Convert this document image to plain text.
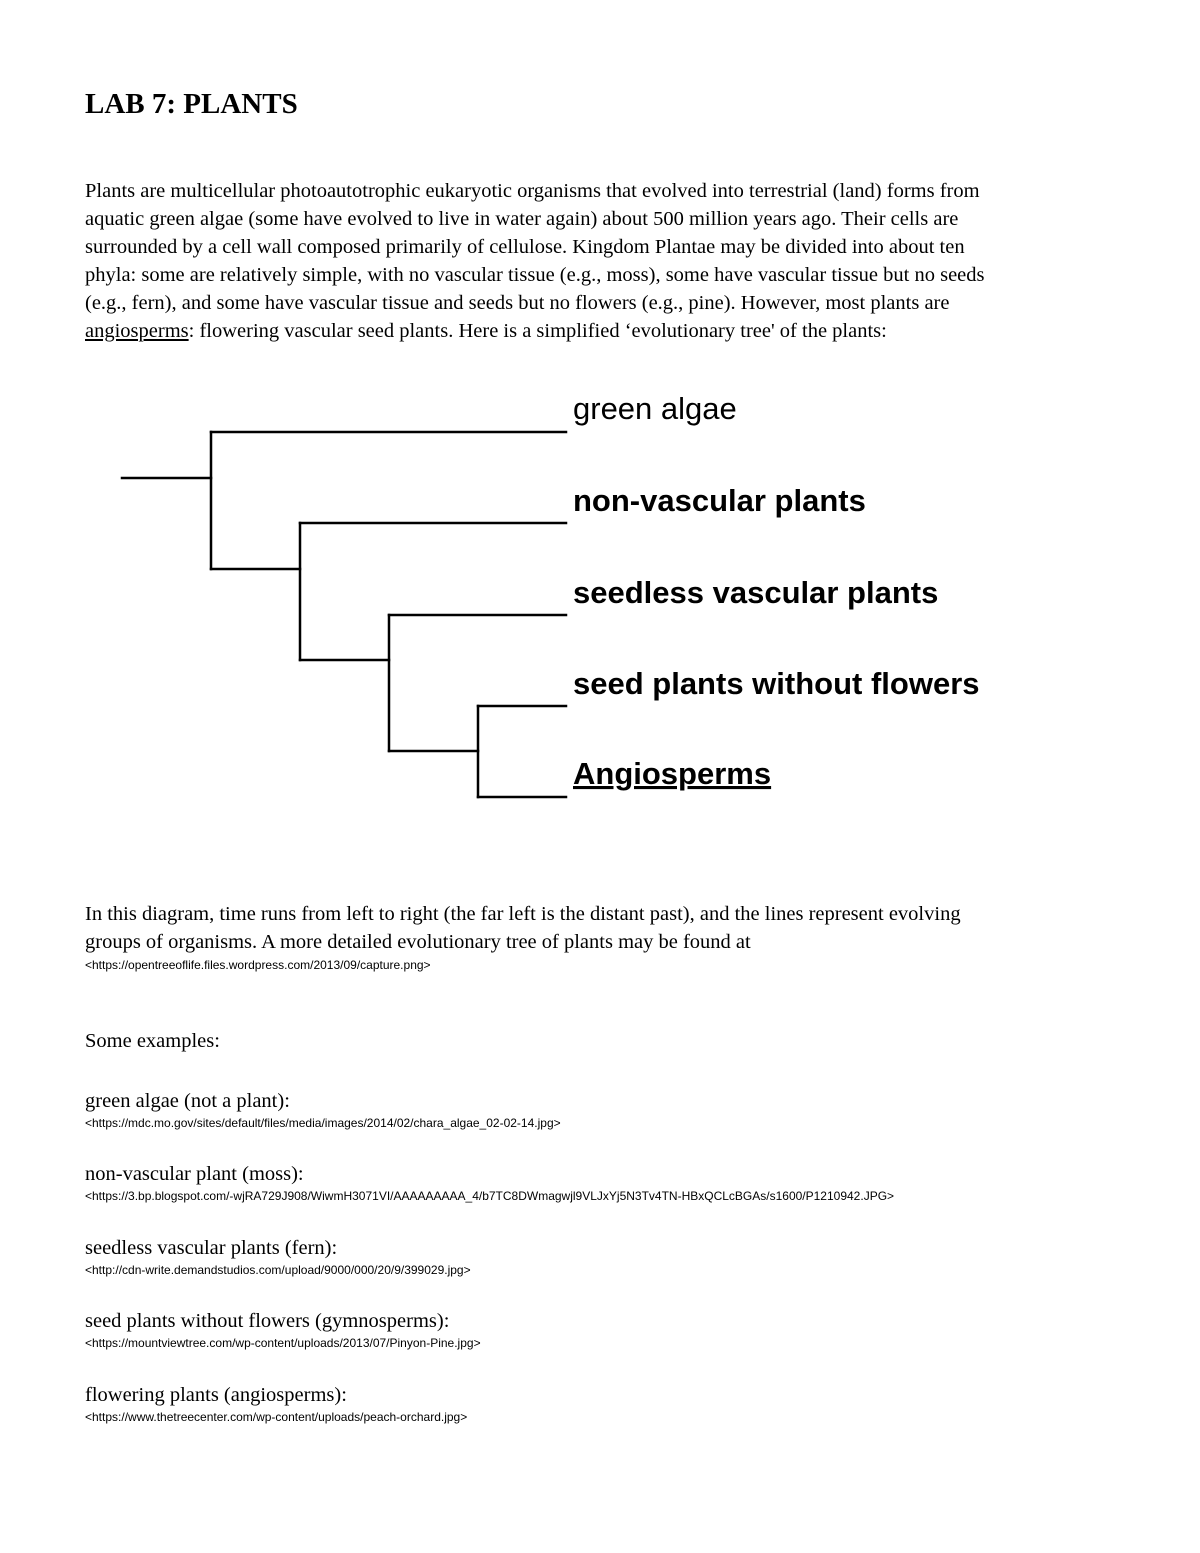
LAB 7: PLANTS
Plants are multicellular photoautotrophic eukaryotic organisms that evolved into terrestrial (land) forms from
aquatic green algae (some have evolved to live in water again) about 500 million years ago. Their cells are
surrounded by a cell wall composed primarily of cellulose. Kingdom Plantae may be divided into about ten
phyla: some are relatively simple, with no vascular tissue (e.g., moss), some have vascular tissue but no seeds
(e.g., fern), and some have vascular tissue and seeds but no flowers (e.g., pine). However, most plants are
angiosperms: flowering vascular seed plants. Here is a simplified ‘evolutionary tree' of the plants:
green algae
non-vascular plants
seedless vascular plants
seed plants without flowers
Angiosperms
In this diagram, time runs from left to right (the far left is the distant past), and the lines represent evolving
groups of organisms. A more detailed evolutionary tree of plants may be found at
<https://opentreeoflife.files.wordpress.com/2013/09/capture.png>
Some examples:
green algae (not a plant):
<https://mdc.mo.gov/sites/default/files/media/images/2014/02/chara_algae_02-02-14.jpg>
non-vascular plant (moss):
<https://3.bp.blogspot.com/-wjRA729J908/WiwmH3071VI/AAAAAAAAA_4/b7TC8DWmagwjl9VLJxYj5N3Tv4TN-HBxQCLcBGAs/s1600/P1210942.JPG>
seedless vascular plants (fern):
<http://cdn-write.demandstudios.com/upload/9000/000/20/9/399029.jpg>
seed plants without flowers (gymnosperms):
<https://mountviewtree.com/wp-content/uploads/2013/07/Pinyon-Pine.jpg>
flowering plants (angiosperms):
<https://www.thetreecenter.com/wp-content/uploads/peach-orchard.jpg>
